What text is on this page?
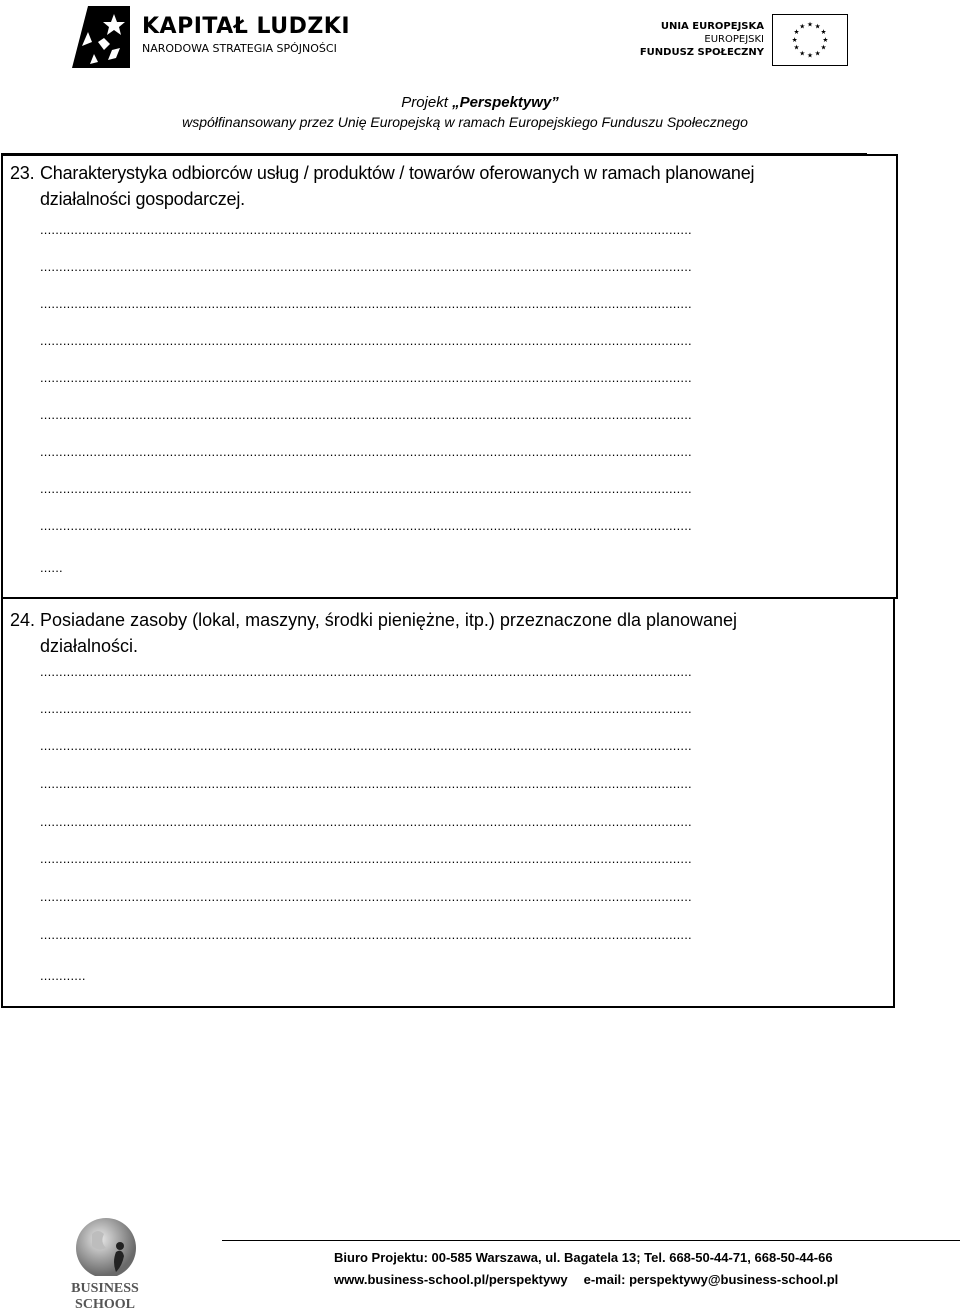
KAPITAŁ LUDZKI
NARODOWA STRATEGIA SPÓJNOŚCI
UNIA EUROPEJSKA
EUROPEJSKI
FUNDUSZ SPOŁECZNY
★ ★
★
★
★
★
★
★
★
★
★
★
Projekt „Perspektywy”
współfinansowany przez Unię Europejską w ramach Europejskiego Funduszu Społecznego
23. Charakterystyka odbiorców usług / produktów / towarów oferowanych w ramach planowanej
działalności gospodarczej.
...........................................................................................................................................................................
...........................................................................................................................................................................
...........................................................................................................................................................................
...........................................................................................................................................................................
...........................................................................................................................................................................
...........................................................................................................................................................................
...........................................................................................................................................................................
...........................................................................................................................................................................
...........................................................................................................................................................................
......
24. Posiadane zasoby (lokal, maszyny, środki pieniężne, itp.) przeznaczone dla planowanej
działalności.
...........................................................................................................................................................................
...........................................................................................................................................................................
...........................................................................................................................................................................
...........................................................................................................................................................................
...........................................................................................................................................................................
...........................................................................................................................................................................
...........................................................................................................................................................................
...........................................................................................................................................................................
............
BUSINESS
SCHOOL
Biuro Projektu: 00-585 Warszawa, ul. Bagatela 13; Tel. 668-50-44-71, 668-50-44-66
www.business-school.pl/perspektywy e-mail: perspektywy@business-school.pl
